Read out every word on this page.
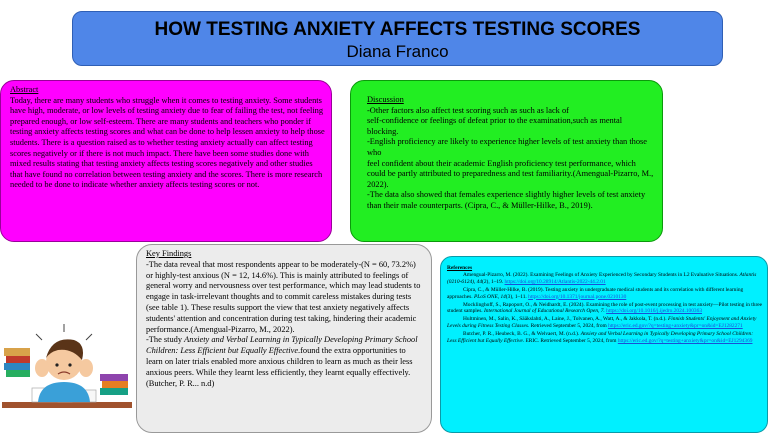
HOW TESTING ANXIETY AFFECTS TESTING SCORES
Diana Franco
Abstract
Today, there are many students who struggle when it comes to testing anxiety. Some students have high, moderate, or low levels of testing anxiety due to fear of failing the test, not feeling prepared enough, or low self-esteem. There are many students and teachers who ponder if testing anxiety affects testing scores and what can be done to help lessen anxiety to help those students. There is a question raised as to whether testing anxiety actually can affect testing scores negatively or if there is not much impact. There have been some studies done with mixed results stating that testing anxiety affects testing scores negatively and other studies that have found no correlation between testing anxiety and the scores. There is more research needed to be done to indicate whether anxiety affects testing scores or not.
Discussion
-Other factors also affect test scoring such as such as lack of
self-confidence or feelings of defeat prior to the examination,such as mental blocking.
-English proficiency are likely to experience higher levels of test anxiety than those who
feel confident about their academic English proficiency test performance, which could be partly attributed to preparedness and test familiarity.(Amengual-Pizarro, M., 2022).
-The data also showed that females experience slightly higher levels of test anxiety than their male counterparts. (Cipra, C., & Müller-Hilke, B., 2019).
Key Findings
-The data reveal that most respondents appear to be moderately-(N = 60, 73.2%) or highly-test anxious (N = 12, 14.6%). This is mainly attributed to feelings of general worry and nervousness over test performance, which may lead students to engage in task-irrelevant thoughts and to commit careless mistakes during tests (see table 1). These results support the view that test anxiety negatively affects students' attention and concentration during test taking, hindering their academic performance.(Amengual-Pizarro, M., 2022).
-The study Anxiety and Verbal Learning in Typically Developing Primary School Children: Less Efficient but Equally Effective.found the extra opportunities to learn on later trials enabled more anxious children to learn as much as their less anxious peers. While they learnt less efficiently, they learnt equally effectively. (Butcher, P. R... n.d)
References
Amengual-Pizarro, M. (2022). Examining Feelings of Anxiety Experienced by Secondary Students in L2 Evaluative Situations. Atlantis (0210-6124), 44(2), 1–19. https://doi.org/10.28914/Atlantis-2022-44.2.01
Cipra, C., & Müller-Hilke, B. (2019). Testing anxiety in undergraduate medical students and its correlation with different learning approaches. PLoS ONE, 14(3), 1–11. https://doi.org/10.1371/journal.pone.0210130
Mocklinghoff, S., Rapoport, O., & Neidhardt, E. (2024). Examining the role of post-event processing in test anxiety—Pilot testing in three student samples. International Journal of Educational Research Open, 7. https://doi.org/10.1016/j.ijedro.2024.100363
Hultminen, M., Salin, K., Sääkslahti, A., Laine, J., Tolvanen, A., Watt, A., & Jakkola, T. (n.d.). Finnish Students' Enjoyment and Anxiety Levels during Fitness Testing Classes. Retrieved September 5, 2024, from https://eric.ed.gov/?q=testing+anxiety&pr=on&id=EJ1282271
Butcher, P. R., Heubeck, B. G., & Welvaert, M. (n.d.). Anxiety and Verbal Learning in Typically Developing Primary School Children: Less Efficient but Equally Effective. ERIC. Retrieved September 5, 2024, from https://eric.ed.gov/?q=testing+anxiety&pr=on&id=EJ1294369
